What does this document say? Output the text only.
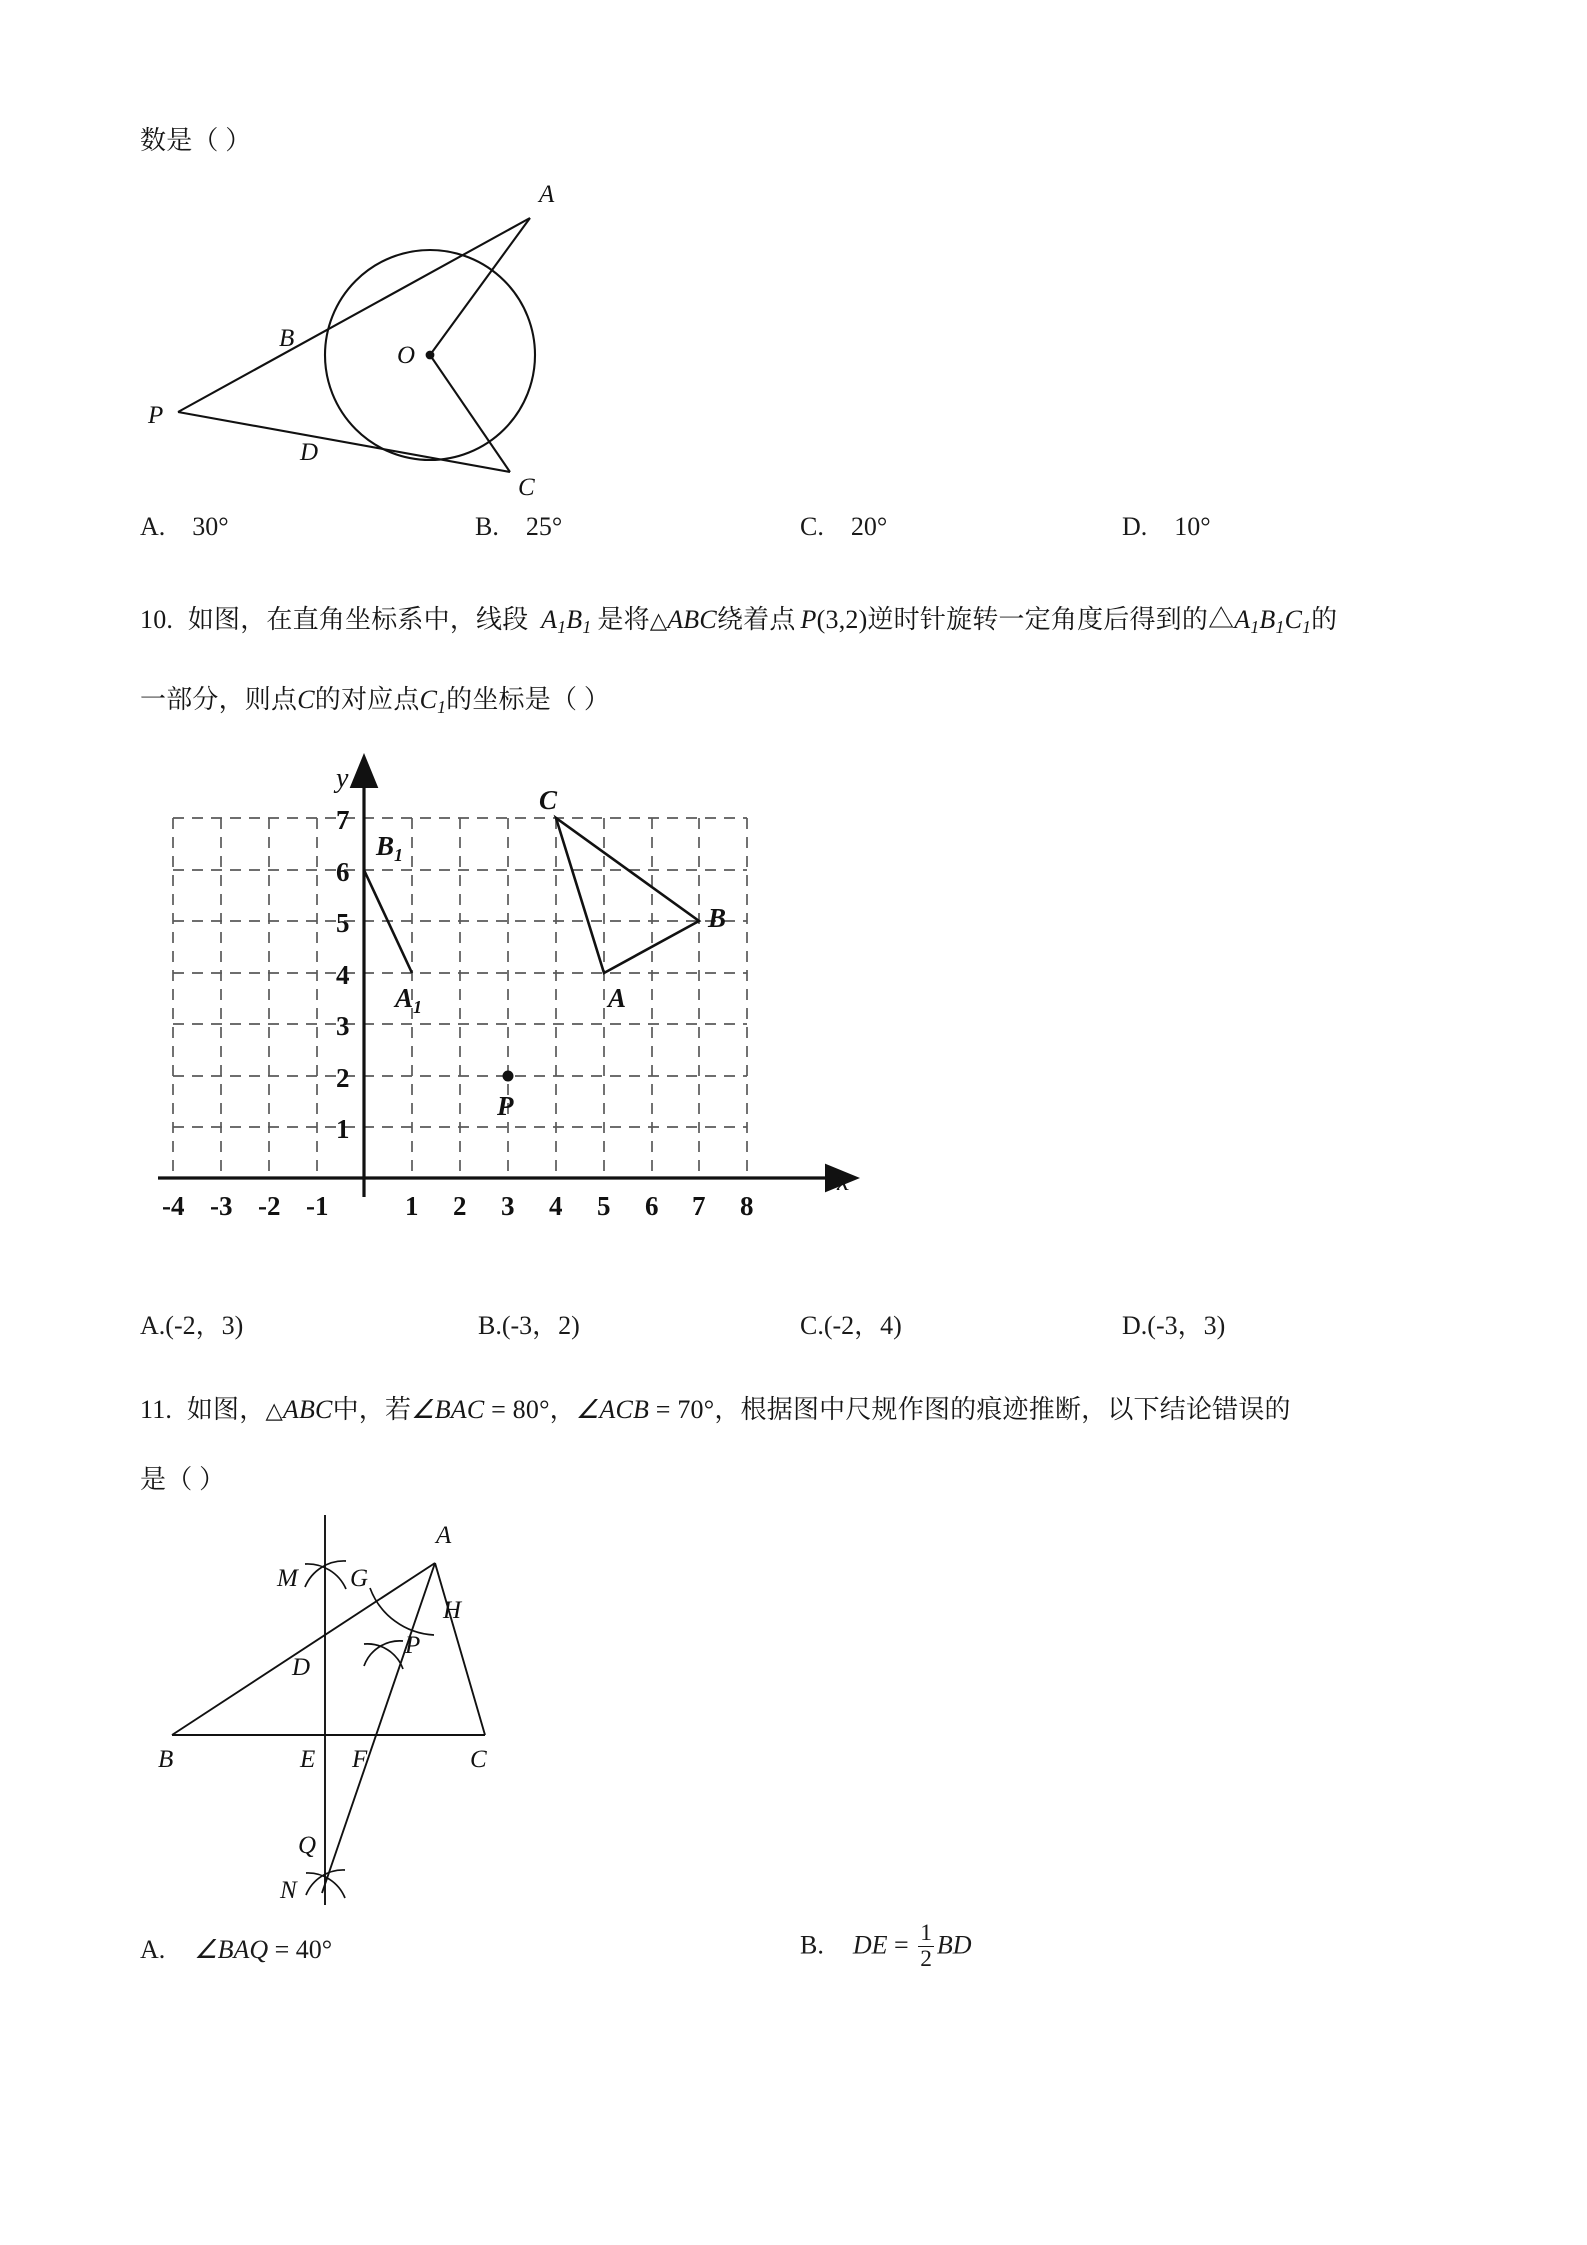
数是（ ）
A
B
C
D
P
O
A. 30°	B. 25°	C. 20°	D. 10°
10. 如图，在直角坐标系中，线段 $A_1B_1$ 是将△ABC绕着点 P(3,2)逆时针旋转一定角度后得到的$\triangle A_1B_1C_1$的
一部分，则点C的对应点$C_1$的坐标是（ ）
y
x
-4 -3 -2 -1	1 2 3 4 5 6 7 8
7
6
5
4
3
2
1
A
B
C
$B_1$
$A_1$
P
A.(-2，3)	B.(-3，2)	C.(-2，4)	D.(-3，3)
11. 如图，△ABC中，若∠BAC = 80°，∠ACB = 70°，根据图中尺规作图的痕迹推断，以下结论错误的
是（ ）
A
B	C
D
E F
G
H
M
N
P
Q
A. ∠BAQ = 40°	B. DE = $\frac{1}{2}$ BD
